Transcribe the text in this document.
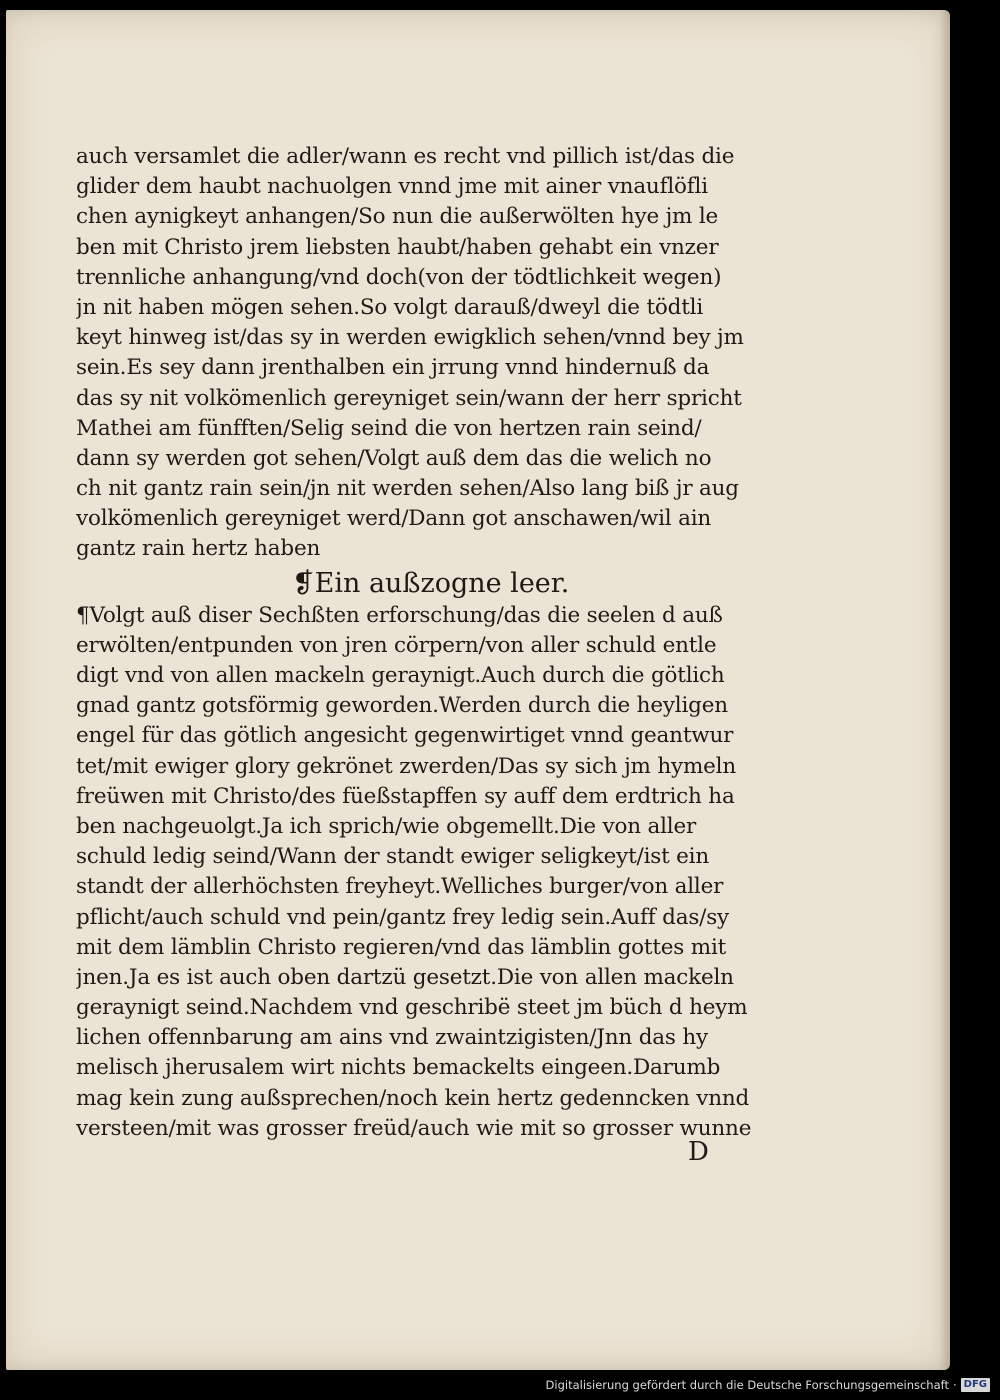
auch versamlet die adler/wann es recht vnd pillich ist/das die
glider dem haubt nachuolgen vnnd jme mit ainer vnauflöfli
chen aynigkeyt anhangen/So nun die außerwölten hye jm le
ben mit Christo jrem liebsten haubt/haben gehabt ein vnzer
trennliche anhangung/vnd doch(von der tödtlichkeit wegen)
jn nit haben mögen sehen.So volgt darauß/dweyl die tödtli
keyt hinweg ist/das sy in werden ewigklich sehen/vnnd bey jm
sein.Es sey dann jrenthalben ein jrrung vnnd hindernuß da
das sy nit volkömenlich gereyniget sein/wann der herr spricht
Mathei am fünfften/Selig seind die von hertzen rain seind/
dann sy werden got sehen/Volgt auß dem das die welich no
ch nit gantz rain sein/jn nit werden sehen/Also lang biß jr aug
volkömenlich gereyniget werd/Dann got anschawen/wil ain
gantz rain hertz haben
❡Ein außzogne leer.
¶Volgt auß diser Sechßten erforschung/das die seelen d auß
erwölten/entpunden von jren cörpern/von aller schuld entle
digt vnd von allen mackeln geraynigt.Auch durch die götlich
gnad gantz gotsförmig geworden.Werden durch die heyligen
engel für das götlich angesicht gegenwirtiget vnnd geantwur
tet/mit ewiger glory gekrönet zwerden/Das sy sich jm hymeln
freüwen mit Christo/des füeßstapffen sy auff dem erdtrich ha
ben nachgeuolgt.Ja ich sprich/wie obgemellt.Die von aller
schuld ledig seind/Wann der standt ewiger seligkeyt/ist ein
standt der allerhöchsten freyheyt.Welliches burger/von aller
pflicht/auch schuld vnd pein/gantz frey ledig sein.Auff das/sy
mit dem lämblin Christo regieren/vnd das lämblin gottes mit
jnen.Ja es ist auch oben dartzü gesetzt.Die von allen mackeln
geraynigt seind.Nachdem vnd geschribë steet jm büch d heym
lichen offennbarung am ains vnd zwaintzigisten/Jnn das hy
melisch jherusalem wirt nichts bemackelts eingeen.Darumb
mag kein zung außsprechen/noch kein hertz gedenncken vnnd
versteen/mit was grosser freüd/auch wie mit so grosser wunne
D
Digitalisierung gefördert durch die Deutsche Forschungsgemeinschaft · DFG
